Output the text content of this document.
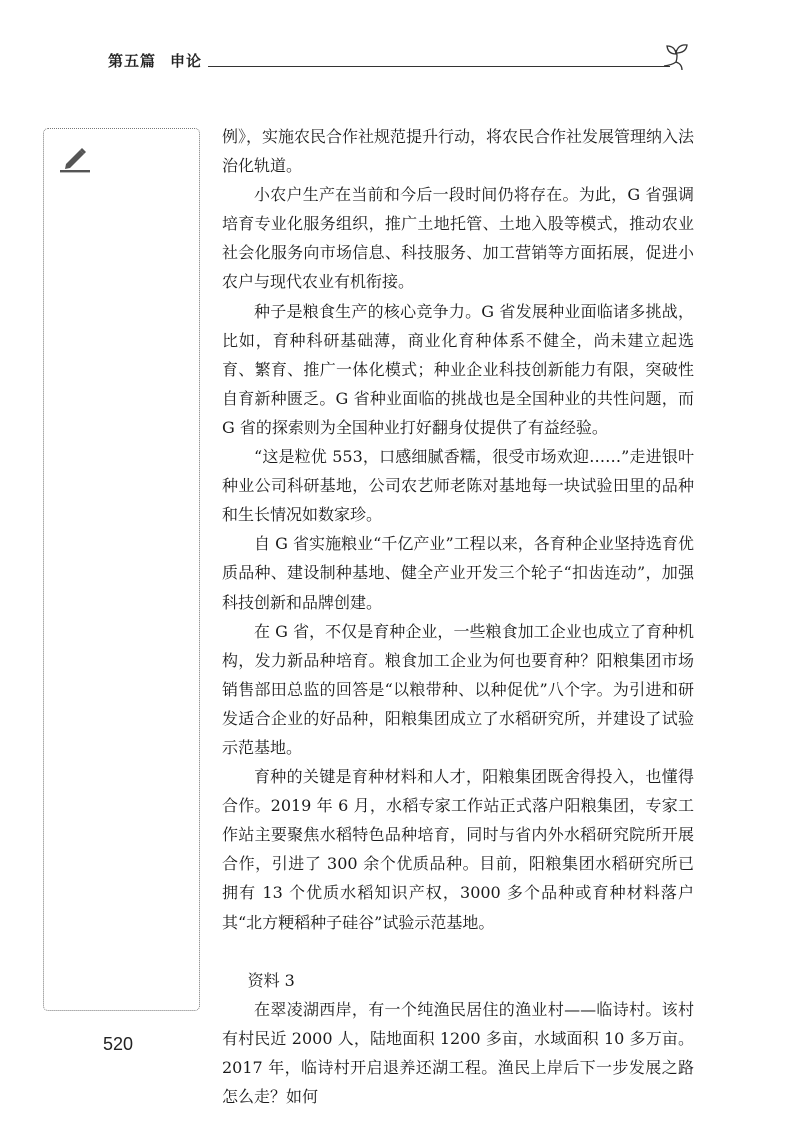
第五篇 申论

例》，实施农民合作社规范提升行动，将农民合作社发展管理纳入法治化轨道。

小农户生产在当前和今后一段时间仍将存在。为此，G 省强调培育专业化服务组织，推广土地托管、土地入股等模式，推动农业社会化服务向市场信息、科技服务、加工营销等方面拓展，促进小农户与现代农业有机衔接。

种子是粮食生产的核心竞争力。G 省发展种业面临诸多挑战，比如，育种科研基础薄，商业化育种体系不健全，尚未建立起选育、繁育、推广一体化模式；种业企业科技创新能力有限，突破性自育新种匮乏。G 省种业面临的挑战也是全国种业的共性问题，而 G 省的探索则为全国种业打好翻身仗提供了有益经验。

“这是粒优 553，口感细腻香糯，很受市场欢迎……”走进银叶种业公司科研基地，公司农艺师老陈对基地每一块试验田里的品种和生长情况如数家珍。

自 G 省实施粮业“千亿产业”工程以来，各育种企业坚持选育优质品种、建设制种基地、健全产业开发三个轮子“扣齿连动”，加强科技创新和品牌创建。

在 G 省，不仅是育种企业，一些粮食加工企业也成立了育种机构，发力新品种培育。粮食加工企业为何也要育种？阳粮集团市场销售部田总监的回答是“以粮带种、以种促优”八个字。为引进和研发适合企业的好品种，阳粮集团成立了水稻研究所，并建设了试验示范基地。

育种的关键是育种材料和人才，阳粮集团既舍得投入，也懂得合作。2019 年 6 月，水稻专家工作站正式落户阳粮集团，专家工作站主要聚焦水稻特色品种培育，同时与省内外水稻研究院所开展合作，引进了 300 余个优质品种。目前，阳粮集团水稻研究所已拥有 13 个优质水稻知识产权，3000 多个品种或育种材料落户其“北方粳稻种子硅谷”试验示范基地。

资料 3

在翠凌湖西岸，有一个纯渔民居住的渔业村——临诗村。该村有村民近 2000 人，陆地面积 1200 多亩，水域面积 10 多万亩。2017 年，临诗村开启退养还湖工程。渔民上岸后下一步发展之路怎么走？如何

520
